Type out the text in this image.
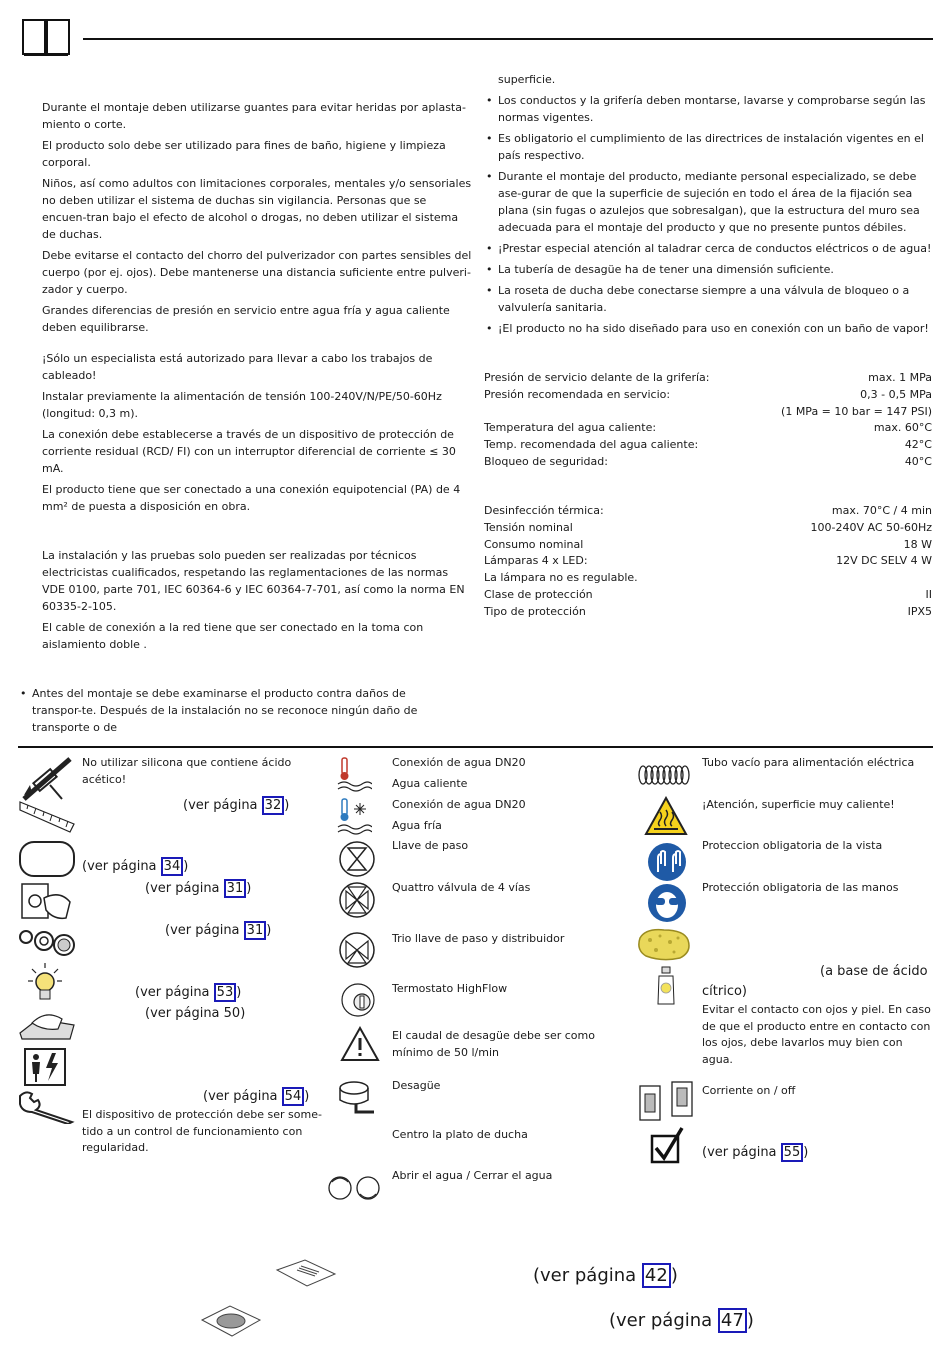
Durante el montaje deben utilizarse guantes para evitar heridas por aplasta-miento o corte.

El producto solo debe ser utilizado para fines de baño, higiene y limpieza corporal.

Niños, así como adultos con limitaciones corporales, mentales y/o sensoriales no deben utilizar el sistema de duchas sin vigilancia. Personas que se encuen-tran bajo el efecto de alcohol o drogas, no deben utilizar el sistema de duchas.

Debe evitarse el contacto del chorro del pulverizador con partes sensibles del cuerpo (por ej. ojos). Debe mantenerse una distancia suficiente entre pulveri-zador y cuerpo.

Grandes diferencias de presión en servicio entre agua fría y agua caliente deben equilibrarse.

¡Sólo un especialista está autorizado para llevar a cabo los trabajos de cableado!

Instalar previamente la alimentación de tensión 100-240V/N/PE/50-60Hz (longitud: 0,3 m).

La conexión debe establecerse a través de un dispositivo de protección de corriente residual (RCD/ FI) con un interruptor diferencial de corriente ≤ 30 mA.

El producto tiene que ser conectado a una conexión equipotencial (PA) de 4 mm² de puesta a disposición en obra.

La instalación y las pruebas solo pueden ser realizadas por técnicos electricistas cualificados, respetando las reglamentaciones de las normas VDE 0100, parte 701, IEC 60364-6 y IEC 60364-7-701, así como la norma EN 60335-2-105.

El cable de conexión a la red tiene que ser conectado en la toma con aislamiento doble .

• Antes del montaje se debe examinarse el producto contra daños de transpor-te. Después de la instalación no se reconoce ningún daño de transporte o de

superficie.

• Los conductos y la grifería deben montarse, lavarse y comprobarse según las normas vigentes.
• Es obligatorio el cumplimiento de las directrices de instalación vigentes en el país respectivo.
• Durante el montaje del producto, mediante personal especializado, se debe ase-gurar de que la superficie de sujeción en todo el área de la fijación sea plana (sin fugas o azulejos que sobresalgan), que la estructura del muro sea adecuada para el montaje del producto y que no presente puntos débiles.
• ¡Prestar especial atención al taladrar cerca de conductos eléctricos o de agua!
• La tubería de desagüe ha de tener una dimensión suficiente.
• La roseta de ducha debe conectarse siempre a una válvula de bloqueo o a valvulería sanitaria.
• ¡El producto no ha sido diseñado para uso en conexión con un baño de vapor!
Presión de servicio delante de la grifería:	max. 1 MPa
Presión recomendada en servicio:	0,3 - 0,5 MPa
(1 MPa = 10 bar = 147 PSI)
Temperatura del agua caliente:	max. 60°C
Temp. recomendada del agua caliente:	42°C
Bloqueo de seguridad:	40°C
Desinfección térmica:	max. 70°C / 4 min
Tensión nominal	100-240V AC 50-60Hz
Consumo nominal	18 W
Lámparas 4 x LED:	12V DC SELV 4 W
La lámpara no es regulable.
Clase de protección	II
Tipo de protección	IPX5
No utilizar silicona que contiene ácido acético!
(ver página 32 )
(ver página 34 )
(ver página 31 )
(ver página 31 )
(ver página 53 )
(ver página 50)
(ver página 54 )
El dispositivo de protección debe ser some-tido a un control de funcionamiento con regularidad.
Conexión de agua DN20
Agua caliente
Conexión de agua DN20
Agua fría
Llave de paso
Quattro válvula de 4 vías
Trio llave de paso y distribuidor
Termostato HighFlow
El caudal de desagüe debe ser como mínimo de 50 l/min
Desagüe
Centro la plato de ducha
Abrir el agua / Cerrar el agua
Tubo vacío para alimentación eléctrica
¡Atención, superficie muy caliente!
Proteccion obligatoria de la vista
Protección obligatoria de las manos
(a base de ácido
cítrico)
Evitar el contacto con ojos y piel. En caso de que el producto entre en contacto con los ojos, debe lavarlos muy bien con agua.
Corriente on / off
(ver página 55 )
(ver página 42 )
(ver página 47 )
